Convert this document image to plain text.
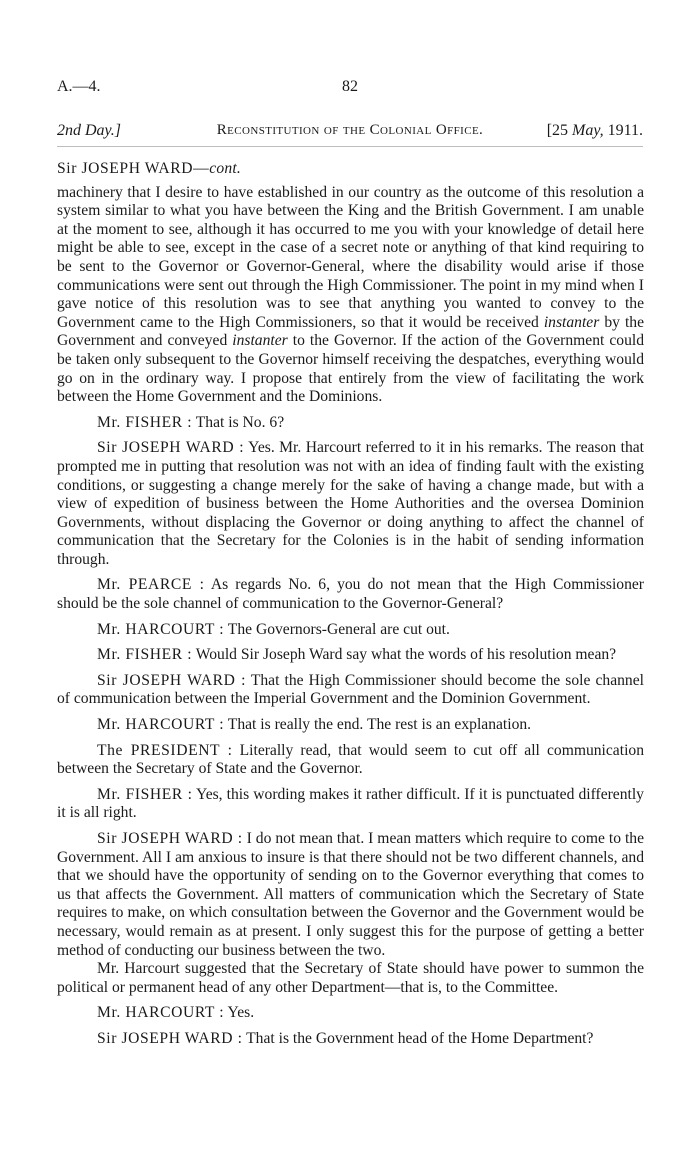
A.—4.	82
2nd Day.]	Reconstitution of the Colonial Office.	[25 May, 1911.
Sir JOSEPH WARD—cont.

machinery that I desire to have established in our country as the outcome of this resolution a system similar to what you have between the King and the British Government. I am unable at the moment to see, although it has occurred to me you with your knowledge of detail here might be able to see, except in the case of a secret note or anything of that kind requiring to be sent to the Governor or Governor-General, where the disability would arise if those communications were sent out through the High Commissioner. The point in my mind when I gave notice of this resolution was to see that anything you wanted to convey to the Government came to the High Commissioners, so that it would be received instanter by the Government and conveyed instanter to the Governor. If the action of the Government could be taken only subsequent to the Governor himself receiving the despatches, everything would go on in the ordinary way. I propose that entirely from the view of facilitating the work between the Home Government and the Dominions.

Mr. FISHER : That is No. 6?

Sir JOSEPH WARD : Yes. Mr. Harcourt referred to it in his remarks. The reason that prompted me in putting that resolution was not with an idea of finding fault with the existing conditions, or suggesting a change merely for the sake of having a change made, but with a view of expedition of business between the Home Authorities and the oversea Dominion Governments, without displacing the Governor or doing anything to affect the channel of communication that the Secretary for the Colonies is in the habit of sending information through.

Mr. PEARCE : As regards No. 6, you do not mean that the High Commissioner should be the sole channel of communication to the Governor-General?

Mr. HARCOURT : The Governors-General are cut out.

Mr. FISHER : Would Sir Joseph Ward say what the words of his resolution mean?

Sir JOSEPH WARD : That the High Commissioner should become the sole channel of communication between the Imperial Government and the Dominion Government.

Mr. HARCOURT : That is really the end. The rest is an explanation.

The PRESIDENT : Literally read, that would seem to cut off all communication between the Secretary of State and the Governor.

Mr. FISHER : Yes, this wording makes it rather difficult. If it is punctuated differently it is all right.

Sir JOSEPH WARD : I do not mean that. I mean matters which require to come to the Government. All I am anxious to insure is that there should not be two different channels, and that we should have the opportunity of sending on to the Governor everything that comes to us that affects the Government. All matters of communication which the Secretary of State requires to make, on which consultation between the Governor and the Government would be necessary, would remain as at present. I only suggest this for the purpose of getting a better method of conducting our business between the two.

Mr. Harcourt suggested that the Secretary of State should have power to summon the political or permanent head of any other Department—that is, to the Committee.

Mr. HARCOURT : Yes.

Sir JOSEPH WARD : That is the Government head of the Home Department?
